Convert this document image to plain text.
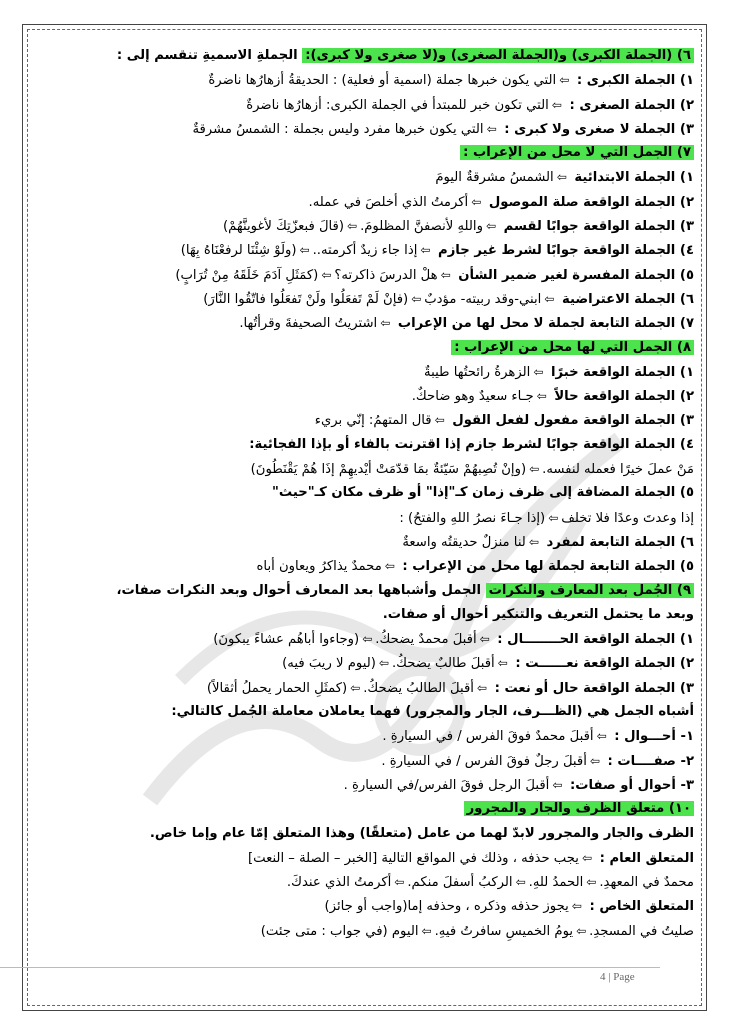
٦) (الجملة الكبرى) و(الجملة الصغرى) و(لا صغرى ولا كبرى): الجملةِ الاسميةِ تنقسم إلى :
١) الجملة الكبرى : ⇦التي يكون خبرها جملة (اسمية أو فعلية) : الحديقةُ أزهارُها ناضرةٌ
٢) الجملة الصغرى : ⇦التي تكون خبر للمبتدأ في الجملة الكبرى: أزهارُها ناضرةٌ
٣) الجملة لا صغرى ولا كبرى : ⇦التي يكون خبرها مفرد وليس بجملة : الشمسُ مشرقةٌ
٧) الجمل التي لا محل من الإعراب :
١) الجملة الابتدائية ⇦الشمسُ مشرقةٌ اليومَ
٢) الجملة الواقعة صلة الموصول ⇦أكرمتُ الذي أخلصَ في عمله.
٣) الجملة الواقعة جوابًا لقسم ⇦واللهِ لأنصفنَّ المظلومَ.⇦(قالَ فبعزّتِكَ لأغوينَّهُمْ)
٤) الجملة الواقعة جوابًا لشرط غير جازم ⇦إذا جاء زيدٌ أكرمته..⇦(ولَوْ شِئْنَا لرفعْنَاهُ بِهَا)
٥) الجملة المفسرة لغير ضمير الشأن ⇦هلْ الدرسَ ذاكرته؟⇦(كمَثَلِ آدَمَ خَلَقَهُ مِنْ تُرَابٍ)
٦) الجملة الاعتراضية ⇦ابني-وقد ربيته- مؤدبٌ⇦(فإنْ لَمْ تَفعَلُوا ولَنْ تَفعَلُوا فاتّقُوا النَّارَ)
٧) الجملة التابعة لجملة لا محل لها من الإعراب ⇦اشتريتُ الصحيفةَ وقرأتُها.
٨) الجمل التي لها محل من الإعراب :
١) الجملة الواقعة خبرًا ⇦الزهرةُ رائحتُها طيبةٌ
٢) الجملة الواقعة حالاً ⇦جـاء سعيدٌ وهو ضاحكٌ.
٣) الجملة الواقعة مفعول لفعل القول ⇦قال المتهمُ: إنّي بريء
٤) الجملة الواقعة جوابًا لشرط جازم إذا اقترنت بالفاء أو بإذا الفجائية:
مَنْ عملَ خيرًا فعمله لنفسه.⇦(وإنْ تُصِبهُمْ سَيّئةٌ بمَا قدّمَتْ أيْديهِمْ إذَا هُمْ يَقْنَطُونَ)
٥) الجملة المضافة إلى ظرف زمان كـ"إذا" أو ظرف مكان كـ"حيث"
إذا وعدتَ وعدًا فلا تخلف⇦(إذا جـاءَ نصرُ اللهِ والفتحُ) :
٦) الجملة التابعة لمفرد ⇦لنا منزلٌ حديقتُه واسعةٌ
٥) الجملة التابعة لجملة لها محل من الإعراب : ⇦محمدٌ يذاكرُ ويعاون أباه
٩) الجُمل بعد المعارف والنكرات الجمل وأشباهها بعد المعارف أحوال وبعد النكرات صفات،
وبعد ما يحتمل التعريف والتنكير أحوال أو صفات.
١) الجملة الواقعة الحــــــــال : ⇦أقبلَ محمدٌ يضحكُ.⇦(وجاءوا أباهُم عشاءً يبكونَ)
٢) الجملة الواقعة نعــــــت : ⇦أقبلَ طالبٌ يضحكُ.⇦(ليوم لا ريبَ فيه)
٣) الجملة الواقعة حال أو نعت : ⇦أقبلَ الطالبُ يضحكُ.⇦(كمثَلِ الحمار يحملُ أثقالاً)
أشباه الجمل هي (الظـــرف، الجار والمجرور) فهما يعاملان معاملة الجُمل كالتالي:
١- أحـــوال : ⇦أقبلَ محمدٌ فوقَ الفرس / في السيارةِ .
٢- صفــــات : ⇦أقبلَ رجلٌ فوقَ الفرس / في السيارةِ .
٣- أحوال أو صفات: ⇦أقبلَ الرجل فوقَ الفرس/في السيارةِ .
١٠) متعلق الظرف والجار والمجرور
الظرف والجار والمجرور لابدّ لهما من عامل (متعلقًا) وهذا المتعلق إمّا عام وإما خاص.
المتعلق العام : ⇦يجب حذفه ، وذلك في المواقع التالية [الخبر – الصلة – النعت]
محمدٌ في المعهدِ.⇦الحمدُ للهِ.⇦الركبُ أسفلَ منكم.⇦أكرمتُ الذي عندكَ.
المتعلق الخاص : ⇦يجوز حذفه وذكره ، وحذفه إما(واجب أو جائز)
صليتُ في المسجدِ.⇦يومُ الخميسِ سافرتُ فيهِ.⇦اليوم (في جواب : متى جئت)
4 | Page
